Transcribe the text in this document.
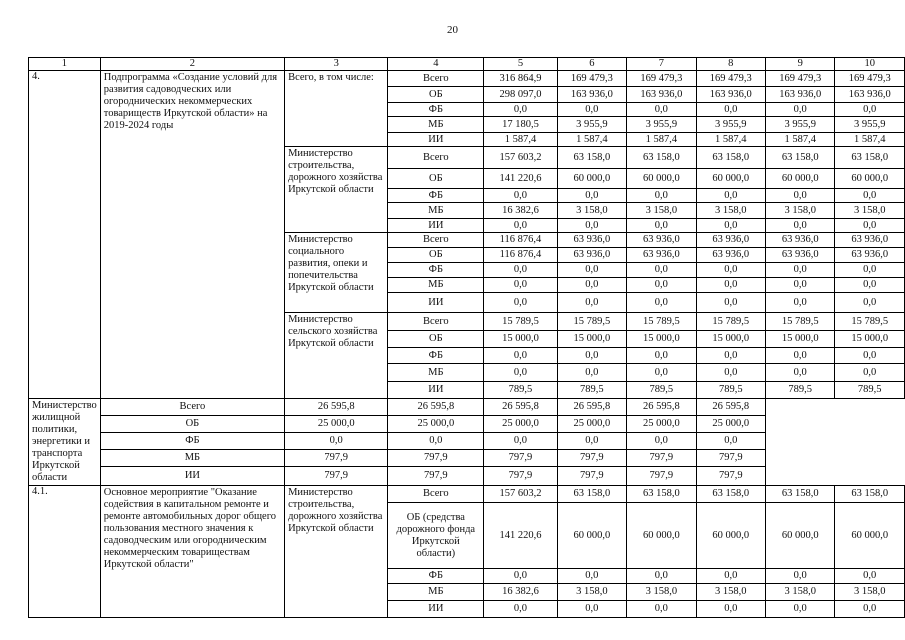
20
1	2	3	4	5	6	7	8	9	10
4.	Подпрограмма «Создание условий для развития садоводческих или огороднических некоммерческих товариществ Иркутской области» на 2019-2024 годы	Всего, в том числе:	Всего	316 864,9	169 479,3	169 479,3	169 479,3	169 479,3	169 479,3
			ОБ	298 097,0	163 936,0	163 936,0	163 936,0	163 936,0	163 936,0
			ФБ	0,0	0,0	0,0	0,0	0,0	0,0
			МБ	17 180,5	3 955,9	3 955,9	3 955,9	3 955,9	3 955,9
			ИИ	1 587,4	1 587,4	1 587,4	1 587,4	1 587,4	1 587,4
		Министерство строительства, дорожного хозяйства Иркутской области	Всего	157 603,2	63 158,0	63 158,0	63 158,0	63 158,0	63 158,0
			ОБ	141 220,6	60 000,0	60 000,0	60 000,0	60 000,0	60 000,0
			ФБ	0,0	0,0	0,0	0,0	0,0	0,0
			МБ	16 382,6	3 158,0	3 158,0	3 158,0	3 158,0	3 158,0
			ИИ	0,0	0,0	0,0	0,0	0,0	0,0
		Министерство социального развития, опеки и попечительства Иркутской области	Всего	116 876,4	63 936,0	63 936,0	63 936,0	63 936,0	63 936,0
			ОБ	116 876,4	63 936,0	63 936,0	63 936,0	63 936,0	63 936,0
			ФБ	0,0	0,0	0,0	0,0	0,0	0,0
			МБ	0,0	0,0	0,0	0,0	0,0	0,0
			ИИ	0,0	0,0	0,0	0,0	0,0	0,0
		Министерство сельского хозяйства Иркутской области	Всего	15 789,5	15 789,5	15 789,5	15 789,5	15 789,5	15 789,5
			ОБ	15 000,0	15 000,0	15 000,0	15 000,0	15 000,0	15 000,0
			ФБ	0,0	0,0	0,0	0,0	0,0	0,0
			МБ	0,0	0,0	0,0	0,0	0,0	0,0
			ИИ	789,5	789,5	789,5	789,5	789,5	789,5
Министерство жилищной политики, энергетики и транспорта Иркутской области	Всего	26 595,8	26 595,8	26 595,8	26 595,8	26 595,8	26 595,8		
	ОБ	25 000,0	25 000,0	25 000,0	25 000,0	25 000,0	25 000,0		
	ФБ	0,0	0,0	0,0	0,0	0,0	0,0		
	МБ	797,9	797,9	797,9	797,9	797,9	797,9		
	ИИ	797,9	797,9	797,9	797,9	797,9	797,9		
4.1.	Основное мероприятие "Оказание содействия в капитальном ремонте и ремонте автомобильных дорог общего пользования местного значения к садоводческим или огородническим некоммерческим товариществам Иркутской области"	Министерство строительства, дорожного хозяйства Иркутской области	Всего	157 603,2	63 158,0	63 158,0	63 158,0	63 158,0	63 158,0
			ОБ (средства дорожного фонда Иркутской области)	141 220,6	60 000,0	60 000,0	60 000,0	60 000,0	60 000,0
			ФБ	0,0	0,0	0,0	0,0	0,0	0,0
			МБ	16 382,6	3 158,0	3 158,0	3 158,0	3 158,0	3 158,0
			ИИ	0,0	0,0	0,0	0,0	0,0	0,0
